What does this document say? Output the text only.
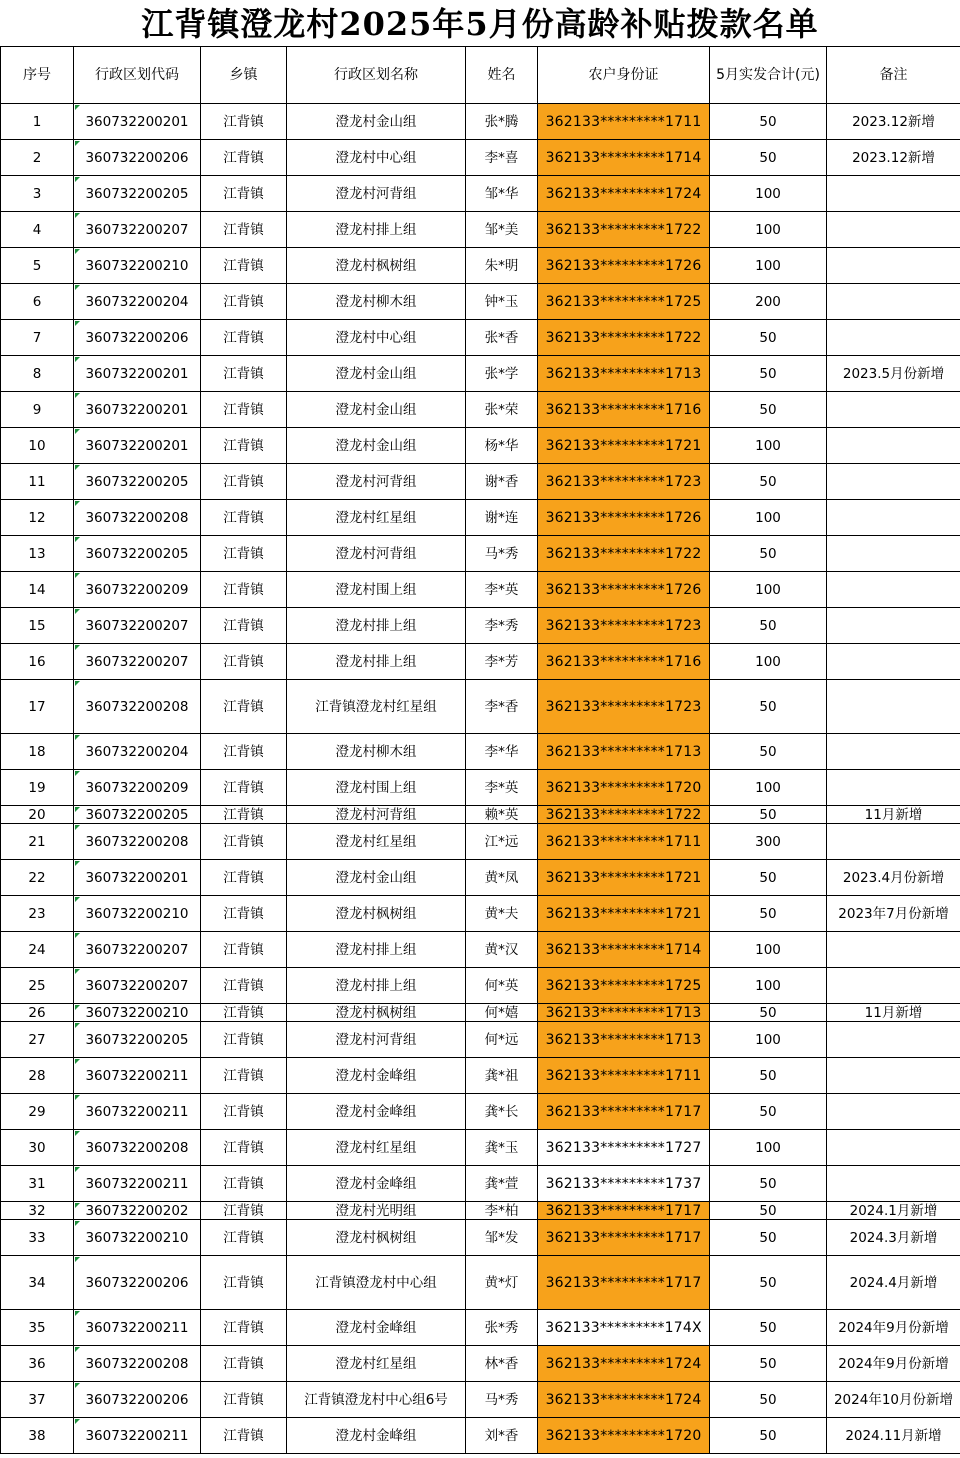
江背镇澄龙村2025年5月份高龄补贴拨款名单
序号	行政区划代码	乡镇	行政区划名称	姓名	农户身份证	5月实发合计(元)	备注
1	360732200201	江背镇	澄龙村金山组	张*腾	362133*********1711	50	2023.12新增
2	360732200206	江背镇	澄龙村中心组	李*喜	362133*********1714	50	2023.12新增
3	360732200205	江背镇	澄龙村河背组	邹*华	362133*********1724	100	
4	360732200207	江背镇	澄龙村排上组	邹*美	362133*********1722	100	
5	360732200210	江背镇	澄龙村枫树组	朱*明	362133*********1726	100	
6	360732200204	江背镇	澄龙村柳木组	钟*玉	362133*********1725	200	
7	360732200206	江背镇	澄龙村中心组	张*香	362133*********1722	50	
8	360732200201	江背镇	澄龙村金山组	张*学	362133*********1713	50	2023.5月份新增
9	360732200201	江背镇	澄龙村金山组	张*荣	362133*********1716	50	
10	360732200201	江背镇	澄龙村金山组	杨*华	362133*********1721	100	
11	360732200205	江背镇	澄龙村河背组	谢*香	362133*********1723	50	
12	360732200208	江背镇	澄龙村红星组	谢*连	362133*********1726	100	
13	360732200205	江背镇	澄龙村河背组	马*秀	362133*********1722	50	
14	360732200209	江背镇	澄龙村围上组	李*英	362133*********1726	100	
15	360732200207	江背镇	澄龙村排上组	李*秀	362133*********1723	50	
16	360732200207	江背镇	澄龙村排上组	李*芳	362133*********1716	100	
17	360732200208	江背镇	江背镇澄龙村红星组	李*香	362133*********1723	50	
18	360732200204	江背镇	澄龙村柳木组	李*华	362133*********1713	50	
19	360732200209	江背镇	澄龙村围上组	李*英	362133*********1720	100	
20	360732200205	江背镇	澄龙村河背组	赖*英	362133*********1722	50	11月新增
21	360732200208	江背镇	澄龙村红星组	江*远	362133*********1711	300	
22	360732200201	江背镇	澄龙村金山组	黄*凤	362133*********1721	50	2023.4月份新增
23	360732200210	江背镇	澄龙村枫树组	黄*夫	362133*********1721	50	2023年7月份新增
24	360732200207	江背镇	澄龙村排上组	黄*汉	362133*********1714	100	
25	360732200207	江背镇	澄龙村排上组	何*英	362133*********1725	100	
26	360732200210	江背镇	澄龙村枫树组	何*嬉	362133*********1713	50	11月新增
27	360732200205	江背镇	澄龙村河背组	何*远	362133*********1713	100	
28	360732200211	江背镇	澄龙村金峰组	龚*祖	362133*********1711	50	
29	360732200211	江背镇	澄龙村金峰组	龚*长	362133*********1717	50	
30	360732200208	江背镇	澄龙村红星组	龚*玉	362133*********1727	100	
31	360732200211	江背镇	澄龙村金峰组	龚*萱	362133*********1737	50	
32	360732200202	江背镇	澄龙村光明组	李*柏	362133*********1717	50	2024.1月新增
33	360732200210	江背镇	澄龙村枫树组	邹*发	362133*********1717	50	2024.3月新增
34	360732200206	江背镇	江背镇澄龙村中心组	黄*灯	362133*********1717	50	2024.4月新增
35	360732200211	江背镇	澄龙村金峰组	张*秀	362133*********174X	50	2024年9月份新增
36	360732200208	江背镇	澄龙村红星组	林*香	362133*********1724	50	2024年9月份新增
37	360732200206	江背镇	江背镇澄龙村中心组6号	马*秀	362133*********1724	50	2024年10月份新增
38	360732200211	江背镇	澄龙村金峰组	刘*香	362133*********1720	50	2024.11月新增
